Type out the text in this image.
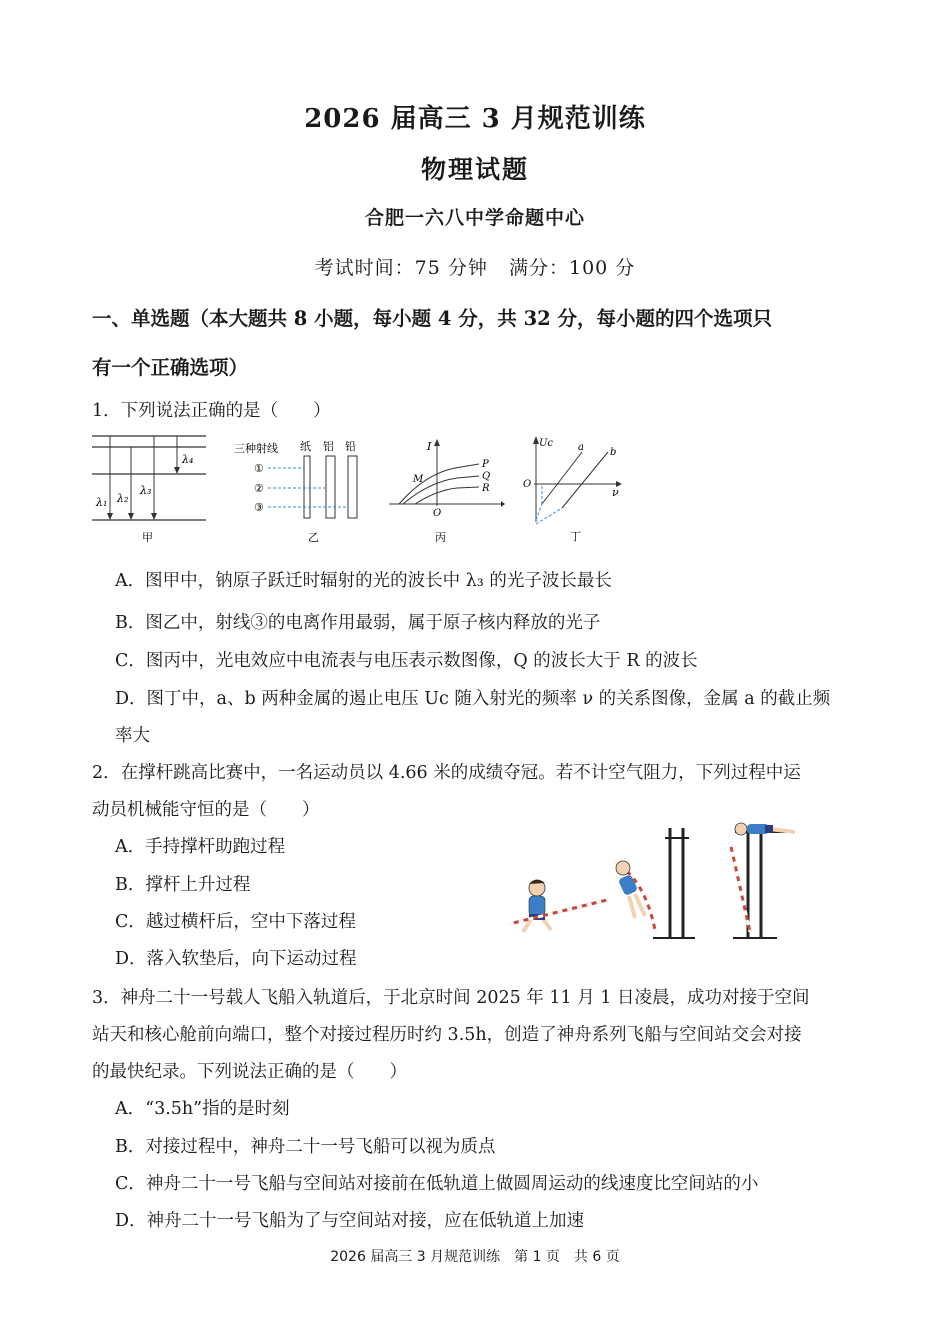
2026 届高三 3 月规范训练
物理试题
合肥一六八中学命题中心
考试时间：75 分钟   满分：100 分
一、单选题（本大题共 8 小题，每小题 4 分，共 32 分，每小题的四个选项只
有一个正确选项）
1．下列说法正确的是（　　）
λ₁ λ₂
λ₃
λ₄
甲
三种射线 纸 铝 铅
①
②
③
乙
I
P
Q
R
M
O
丙
Uc a	b
O
ν
丁
A．图甲中，钠原子跃迁时辐射的光的波长中 λ₃ 的光子波长最长
B．图乙中，射线③的电离作用最弱，属于原子核内释放的光子
C．图丙中，光电效应中电流表与电压表示数图像，Q 的波长大于 R 的波长
D．图丁中，a、b 两种金属的遏止电压 Uc 随入射光的频率 ν 的关系图像，金属 a 的截止频
率大
2．在撑杆跳高比赛中，一名运动员以 4.66 米的成绩夺冠。若不计空气阻力，下列过程中运
动员机械能守恒的是（　　）
A．手持撑杆助跑过程
B．撑杆上升过程
C．越过横杆后，空中下落过程
D．落入软垫后，向下运动过程
3．神舟二十一号载人飞船入轨道后，于北京时间 2025 年 11 月 1 日凌晨，成功对接于空间
站天和核心舱前向端口，整个对接过程历时约 3.5h，创造了神舟系列飞船与空间站交会对接
的最快纪录。下列说法正确的是（　　）
A．“3.5h”指的是时刻
B．对接过程中，神舟二十一号飞船可以视为质点
C．神舟二十一号飞船与空间站对接前在低轨道上做圆周运动的线速度比空间站的小
D．神舟二十一号飞船为了与空间站对接，应在低轨道上加速
2026 届高三 3 月规范训练　第 1 页　共 6 页
